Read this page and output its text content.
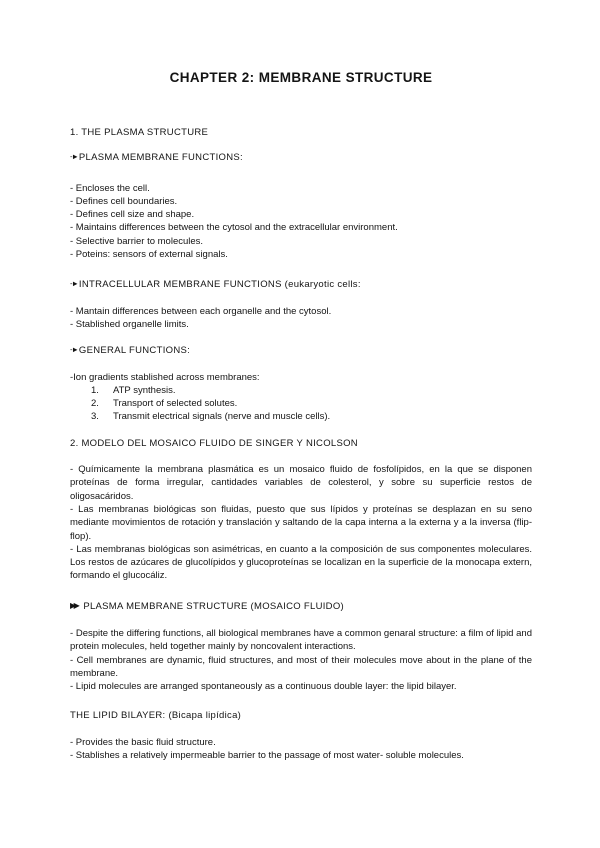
CHAPTER 2: MEMBRANE STRUCTURE
1. THE PLASMA STRUCTURE
-►PLASMA MEMBRANE FUNCTIONS:
- Encloses the cell.
- Defines cell boundaries.
- Defines cell size and shape.
- Maintains differences between the cytosol and the extracellular environment.
- Selective barrier to molecules.
- Poteins: sensors of external signals.
-►INTRACELLULAR MEMBRANE FUNCTIONS (eukaryotic cells:
- Mantain differences between each organelle and the cytosol.
- Stablished organelle limits.
-►GENERAL FUNCTIONS:
-Ion gradients stablished across membranes:
1. ATP synthesis.
2. Transport of selected solutes.
3. Transmit electrical signals (nerve and muscle cells).
2. MODELO DEL MOSAICO FLUIDO DE SINGER Y NICOLSON
- Químicamente la membrana plasmática es un mosaico fluido de fosfolípidos, en la que se disponen proteínas de forma irregular, cantidades variables de colesterol, y sobre su superficie restos de oligosacáridos.
- Las membranas biológicas son fluidas, puesto que sus lípidos y proteínas se desplazan en su seno mediante movimientos de rotación y translación y saltando de la capa interna a la externa y a la inversa (flip-flop).
- Las membranas biológicas son asimétricas, en cuanto a la composición de sus componentes moleculares. Los restos de azúcares de glucolípidos y glucoproteínas se localizan en la superficie de la monocapa extern, formando el glucocáliz.
▶▶ PLASMA MEMBRANE STRUCTURE (MOSAICO FLUIDO)
- Despite the differing functions, all biological membranes have a common genaral structure: a film of lipid and protein molecules, held together mainly by noncovalent interactions.
- Cell membranes are dynamic, fluid structures, and most of their molecules move about in the plane of the membrane.
- Lipid molecules are arranged spontaneously as a continuous double layer: the lipid bilayer.
THE LIPID BILAYER: (Bicapa lipídica)
- Provides the basic fluid structure.
- Stablishes a relatively impermeable barrier to the passage of most water- soluble molecules.
